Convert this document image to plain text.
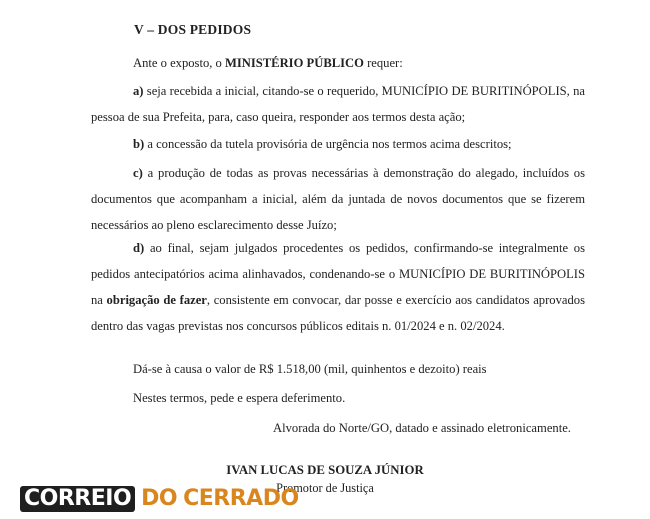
V – DOS PEDIDOS
Ante o exposto, o MINISTÉRIO PÚBLICO requer:
a) seja recebida a inicial, citando-se o requerido, MUNICÍPIO DE BURITINÓPOLIS, na pessoa de sua Prefeita, para, caso queira, responder aos termos desta ação;
b) a concessão da tutela provisória de urgência nos termos acima descritos;
c) a produção de todas as provas necessárias à demonstração do alegado, incluídos os documentos que acompanham a inicial, além da juntada de novos documentos que se fizerem necessários ao pleno esclarecimento desse Juízo;
d) ao final, sejam julgados procedentes os pedidos, confirmando-se integralmente os pedidos antecipatórios acima alinhavados, condenando-se o MUNICÍPIO DE BURITINÓPOLIS na obrigação de fazer, consistente em convocar, dar posse e exercício aos candidatos aprovados dentro das vagas previstas nos concursos públicos editais n. 01/2024 e n. 02/2024.
Dá-se à causa o valor de R$ 1.518,00 (mil, quinhentos e dezoito) reais
Nestes termos, pede e espera deferimento.
Alvorada do Norte/GO, datado e assinado eletronicamente.
IVAN LUCAS DE SOUZA JÚNIOR
Promotor de Justiça
CORREIO DO CERRADO
